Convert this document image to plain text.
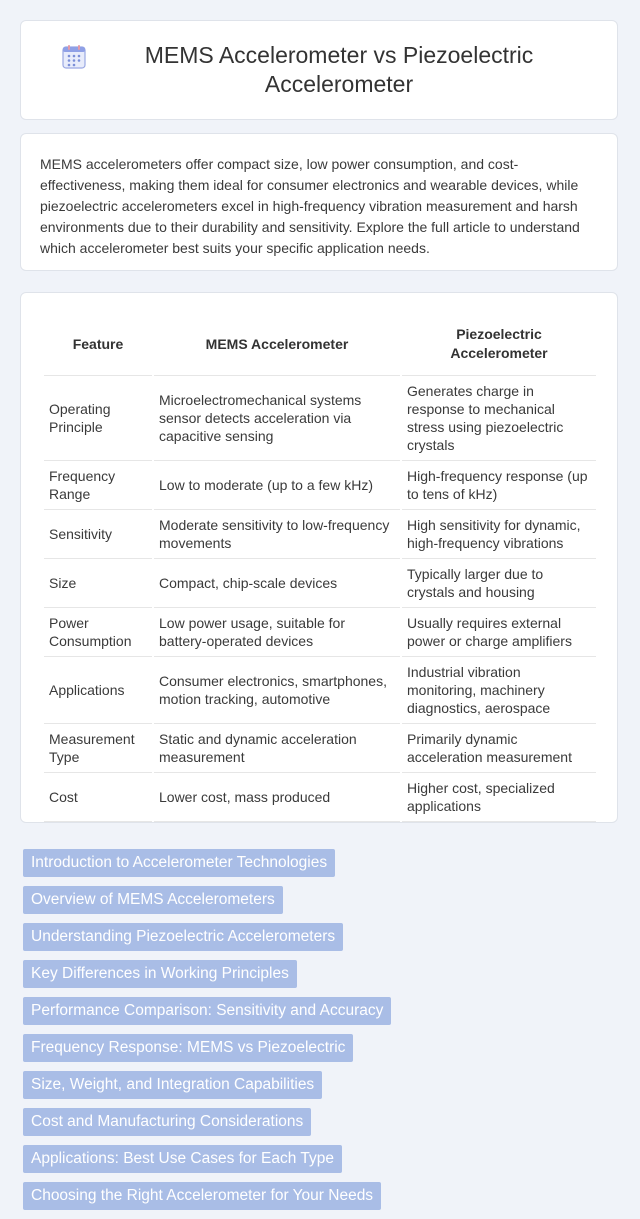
MEMS Accelerometer vs Piezoelectric Accelerometer

MEMS accelerometers offer compact size, low power consumption, and cost-effectiveness, making them ideal for consumer electronics and wearable devices, while piezoelectric accelerometers excel in high-frequency vibration measurement and harsh environments due to their durability and sensitivity. Explore the full article to understand which accelerometer best suits your specific application needs.

Feature	MEMS Accelerometer	Piezoelectric Accelerometer
Operating Principle	Microelectromechanical systems sensor detects acceleration via capacitive sensing	Generates charge in response to mechanical stress using piezoelectric crystals
Frequency Range	Low to moderate (up to a few kHz)	High-frequency response (up to tens of kHz)
Sensitivity	Moderate sensitivity to low-frequency movements	High sensitivity for dynamic, high-frequency vibrations
Size	Compact, chip-scale devices	Typically larger due to crystals and housing
Power Consumption	Low power usage, suitable for battery-operated devices	Usually requires external power or charge amplifiers
Applications	Consumer electronics, smartphones, motion tracking, automotive	Industrial vibration monitoring, machinery diagnostics, aerospace
Measurement Type	Static and dynamic acceleration measurement	Primarily dynamic acceleration measurement
Cost	Lower cost, mass produced	Higher cost, specialized applications
Introduction to Accelerometer Technologies
Overview of MEMS Accelerometers
Understanding Piezoelectric Accelerometers
Key Differences in Working Principles
Performance Comparison: Sensitivity and Accuracy
Frequency Response: MEMS vs Piezoelectric
Size, Weight, and Integration Capabilities
Cost and Manufacturing Considerations
Applications: Best Use Cases for Each Type
Choosing the Right Accelerometer for Your Needs
